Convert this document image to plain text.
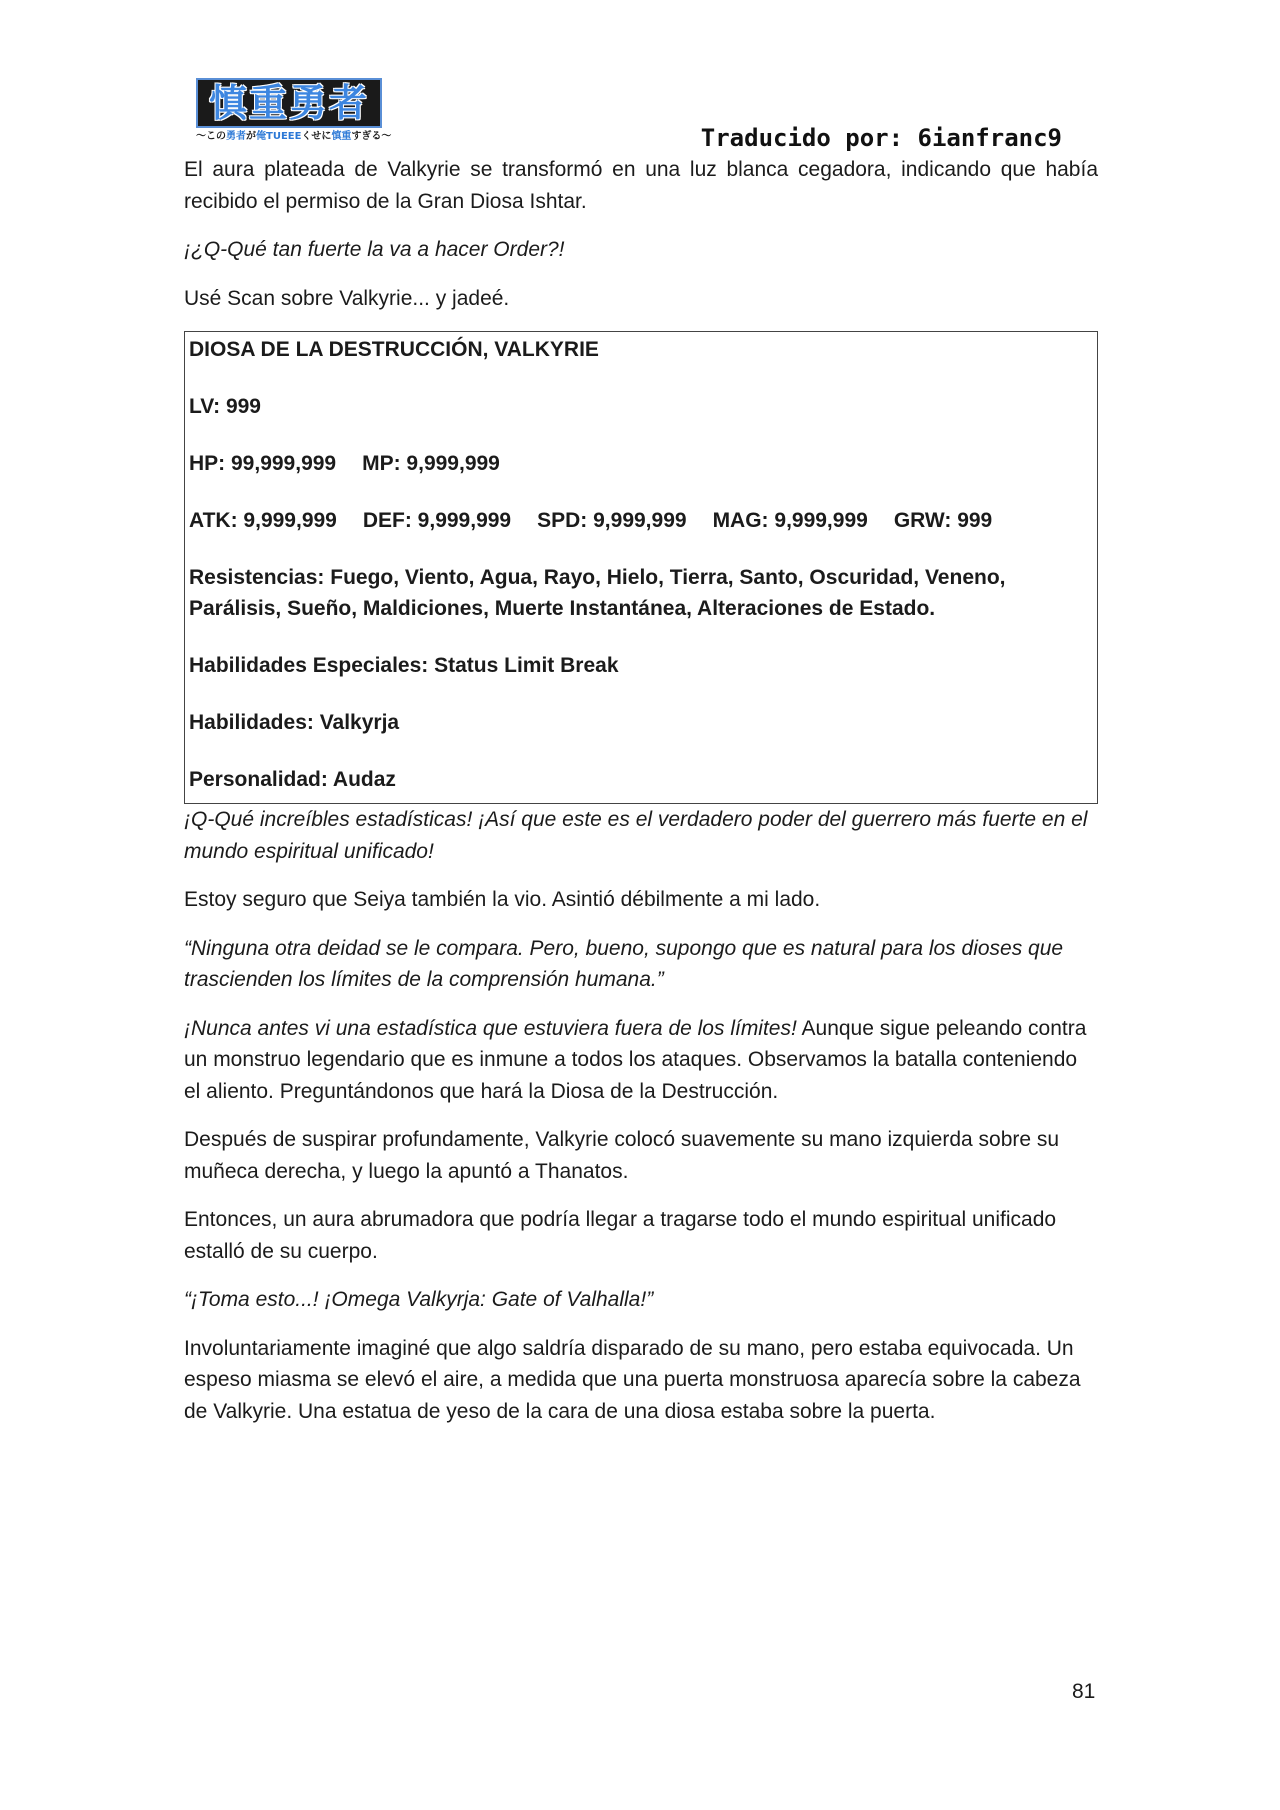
慎重勇者
〜この勇者が俺TUEEEくせに慎重すぎる〜	Traducido por: 6ianfranc9

El aura plateada de Valkyrie se transformó en una luz blanca cegadora, indicando que había recibido el permiso de la Gran Diosa Ishtar.

¡¿Q-Qué tan fuerte la va a hacer Order?!

Usé Scan sobre Valkyrie... y jadeé.

DIOSA DE LA DESTRUCCIÓN, VALKYRIE
LV: 999
HP: 99,999,999 MP: 9,999,999
ATK: 9,999,999 DEF: 9,999,999 SPD: 9,999,999 MAG: 9,999,999 GRW: 999
Resistencias: Fuego, Viento, Agua, Rayo, Hielo, Tierra, Santo, Oscuridad, Veneno, Parálisis, Sueño, Maldiciones, Muerte Instantánea, Alteraciones de Estado.
Habilidades Especiales: Status Limit Break
Habilidades: Valkyrja
Personalidad: Audaz

¡Q-Qué increíbles estadísticas! ¡Así que este es el verdadero poder del guerrero más fuerte en el mundo espiritual unificado!

Estoy seguro que Seiya también la vio. Asintió débilmente a mi lado.

“Ninguna otra deidad se le compara. Pero, bueno, supongo que es natural para los dioses que trascienden los límites de la comprensión humana.”

¡Nunca antes vi una estadística que estuviera fuera de los límites! Aunque sigue peleando contra un monstruo legendario que es inmune a todos los ataques. Observamos la batalla conteniendo el aliento. Preguntándonos que hará la Diosa de la Destrucción.

Después de suspirar profundamente, Valkyrie colocó suavemente su mano izquierda sobre su muñeca derecha, y luego la apuntó a Thanatos.

Entonces, un aura abrumadora que podría llegar a tragarse todo el mundo espiritual unificado estalló de su cuerpo.

“¡Toma esto...! ¡Omega Valkyrja: Gate of Valhalla!”

Involuntariamente imaginé que algo saldría disparado de su mano, pero estaba equivocada. Un espeso miasma se elevó el aire, a medida que una puerta monstruosa aparecía sobre la cabeza de Valkyrie. Una estatua de yeso de la cara de una diosa estaba sobre la puerta.

81
